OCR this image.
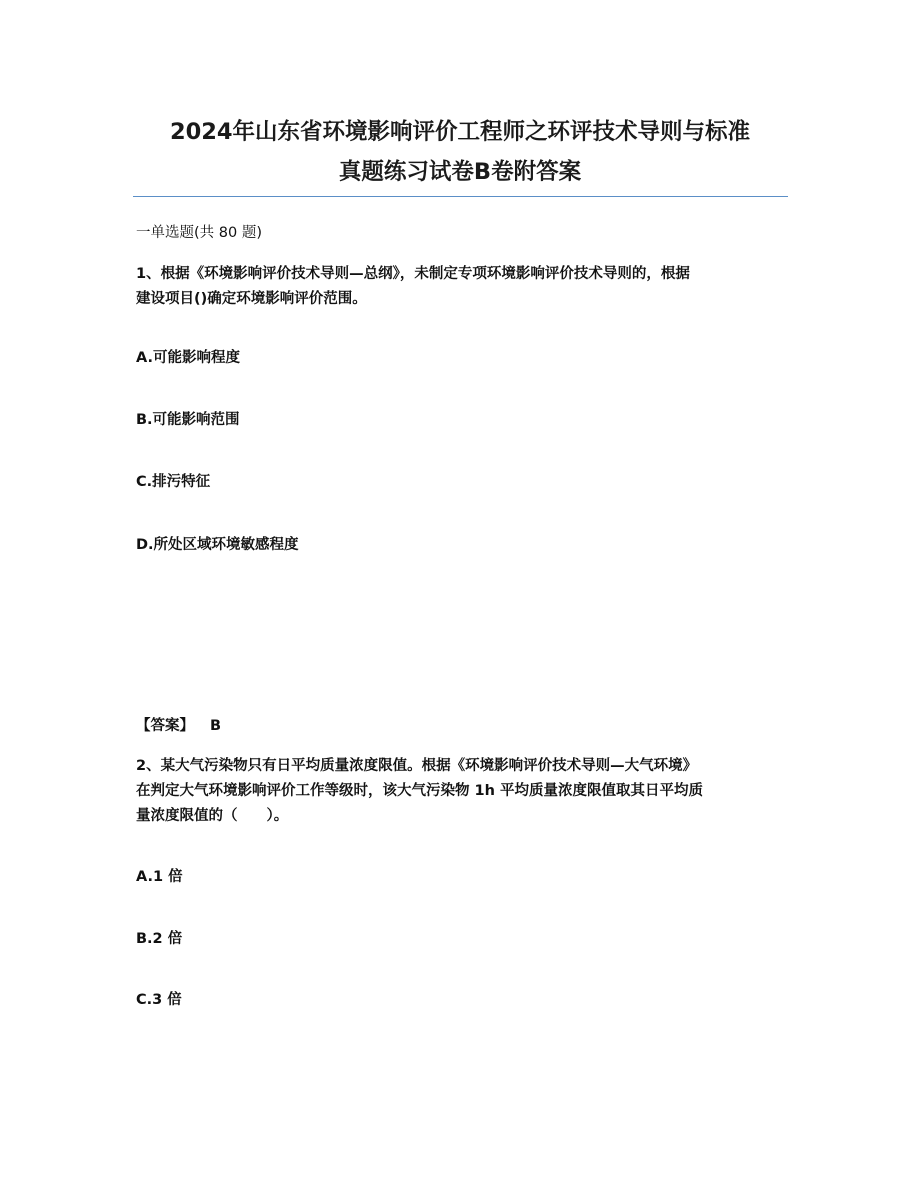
2024年山东省环境影响评价工程师之环评技术导则与标准
真题练习试卷B卷附答案
一单选题(共 80 题)
1、根据《环境影响评价技术导则—总纲》，未制定专项环境影响评价技术导则的，根据
建设项目()确定环境影响评价范围。
A.可能影响程度
B.可能影响范围
C.排污特征
D.所处区域环境敏感程度
【答案】 B
2、某大气污染物只有日平均质量浓度限值。根据《环境影响评价技术导则—大气环境》
在判定大气环境影响评价工作等级时，该大气污染物 1h 平均质量浓度限值取其日平均质
量浓度限值的（　　）。
A.1 倍
B.2 倍
C.3 倍
